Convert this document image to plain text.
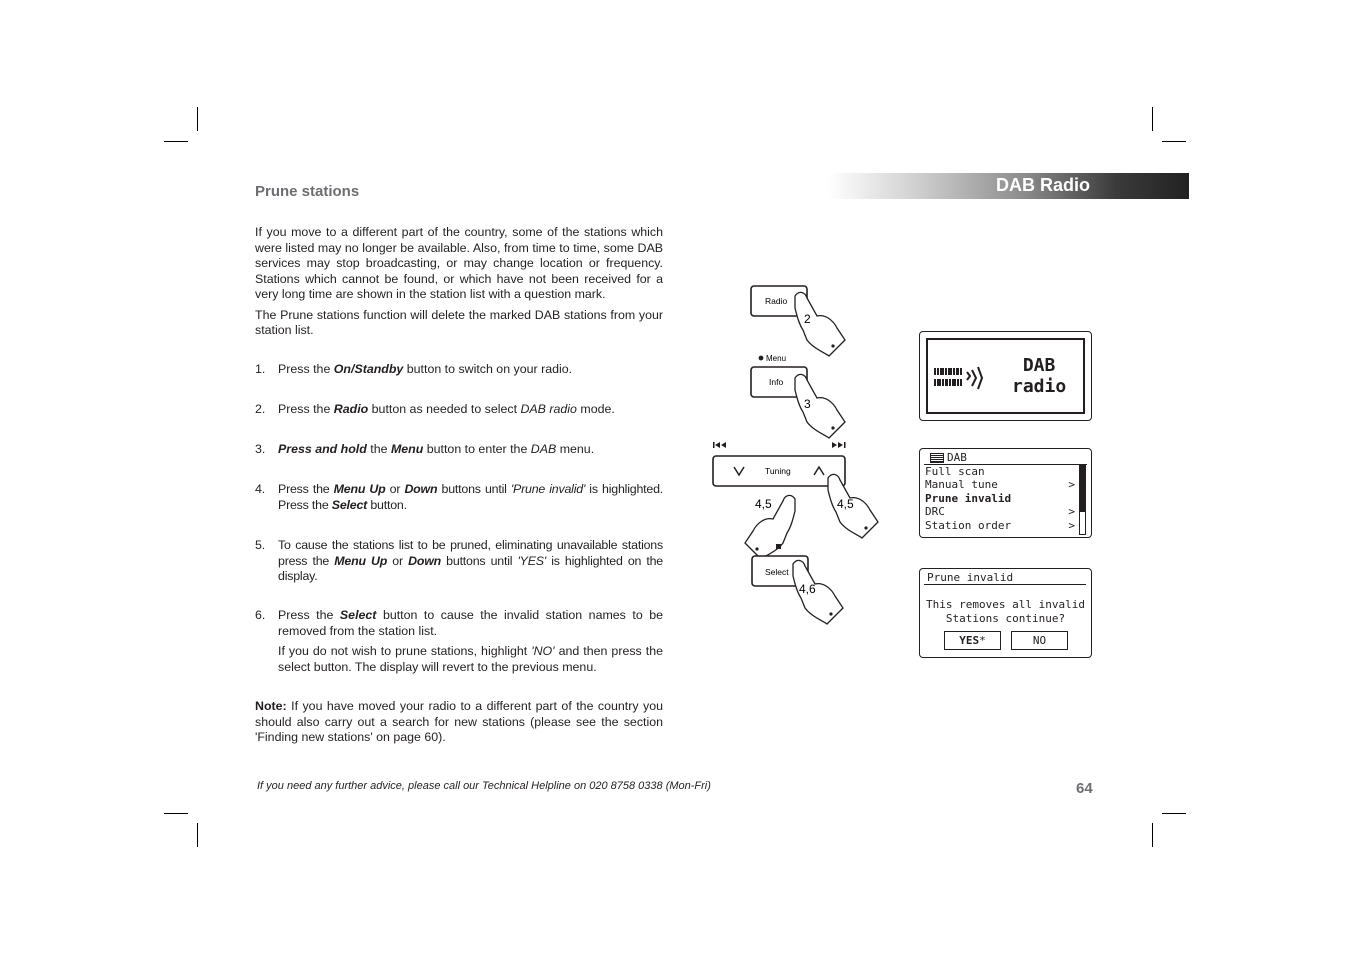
Prune stations	DAB Radio

If you move to a different part of the country, some of the stations which were listed may no longer be available. Also, from time to time, some DAB services may stop broadcasting, or may change location or frequency. Stations which cannot be found, or which have not been received for a very long time are shown in the station list with a question mark.

The Prune stations function will delete the marked DAB stations from your station list.

1. Press the On/Standby button to switch on your radio.
2. Press the Radio button as needed to select DAB radio mode.
3. Press and hold the Menu button to enter the DAB menu.
4. Press the Menu Up or Down buttons until 'Prune invalid' is highlighted. Press the Select button.
5. To cause the stations list to be pruned, eliminating unavailable stations press the Menu Up or Down buttons until 'YES' is highlighted on the display.
6. Press the Select button to cause the invalid station names to be removed from the station list.
If you do not wish to prune stations, highlight 'NO' and then press the select button. The display will revert to the previous menu.

Note: If you have moved your radio to a different part of the country you should also carry out a search for new stations (please see the section 'Finding new stations' on page 60).

If you need any further advice, please call our Technical Helpline on 020 8758 0338 (Mon-Fri)	64
Radio
2
Menu
Info
3
Tuning
4,5	4,5
Select
4,6
DAB
radio
DAB
Full scan
Manual tune	>
Prune invalid
DRC	>
Station order	>
Prune invalid
This removes all invalid
Stations continue?
YES*	NO
